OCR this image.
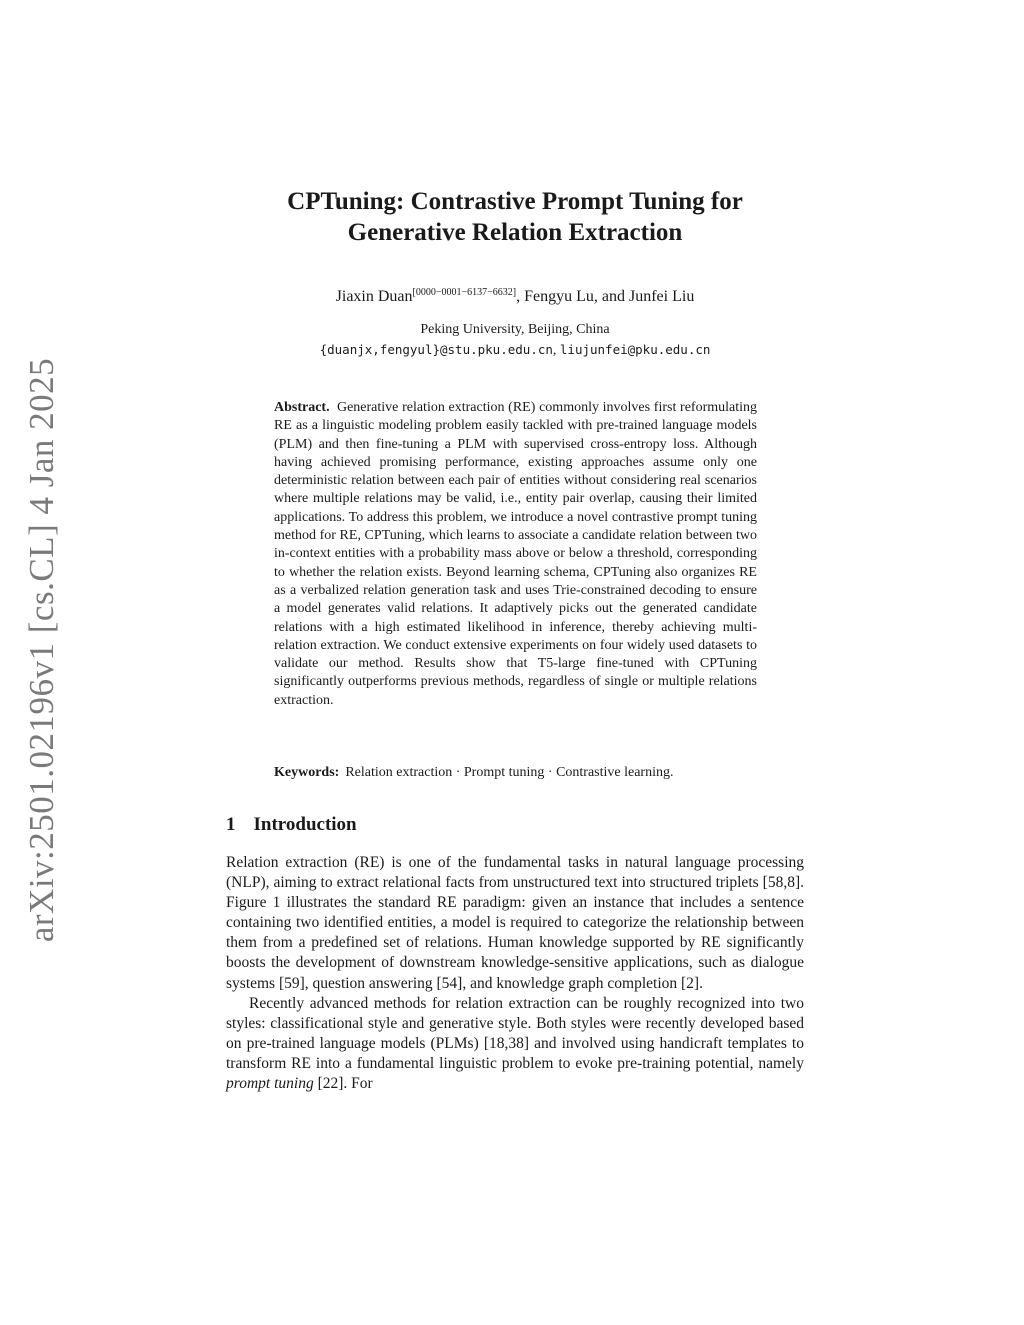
arXiv:2501.02196v1 [cs.CL] 4 Jan 2025
CPTuning: Contrastive Prompt Tuning for
Generative Relation Extraction
Jiaxin Duan[0000−0001−6137−6632], Fengyu Lu, and Junfei Liu
Peking University, Beijing, China
{duanjx,fengyul}@stu.pku.edu.cn, liujunfei@pku.edu.cn

Abstract. Generative relation extraction (RE) commonly involves first reformulating RE as a linguistic modeling problem easily tackled with pre-trained language models (PLM) and then fine-tuning a PLM with supervised cross-entropy loss. Although having achieved promising performance, existing approaches assume only one deterministic relation between each pair of entities without considering real scenarios where multiple relations may be valid, i.e., entity pair overlap, causing their limited applications. To address this problem, we introduce a novel contrastive prompt tuning method for RE, CPTuning, which learns to associate a candidate relation between two in-context entities with a probability mass above or below a threshold, corresponding to whether the relation exists. Beyond learning schema, CPTuning also organizes RE as a verbalized relation generation task and uses Trie-constrained decoding to ensure a model generates valid relations. It adaptively picks out the generated candidate relations with a high estimated likelihood in inference, thereby achieving multi-relation extraction. We conduct extensive experiments on four widely used datasets to validate our method. Results show that T5-large fine-tuned with CPTuning significantly outperforms previous methods, regardless of single or multiple relations extraction.

Keywords: Relation extraction · Prompt tuning · Contrastive learning.

1 Introduction

Relation extraction (RE) is one of the fundamental tasks in natural language processing (NLP), aiming to extract relational facts from unstructured text into structured triplets [58,8]. Figure 1 illustrates the standard RE paradigm: given an instance that includes a sentence containing two identified entities, a model is required to categorize the relationship between them from a predefined set of relations. Human knowledge supported by RE significantly boosts the development of downstream knowledge-sensitive applications, such as dialogue systems [59], question answering [54], and knowledge graph completion [2].

Recently advanced methods for relation extraction can be roughly recognized into two styles: classificational style and generative style. Both styles were recently developed based on pre-trained language models (PLMs) [18,38] and involved using handicraft templates to transform RE into a fundamental linguistic problem to evoke pre-training potential, namely prompt tuning [22]. For
